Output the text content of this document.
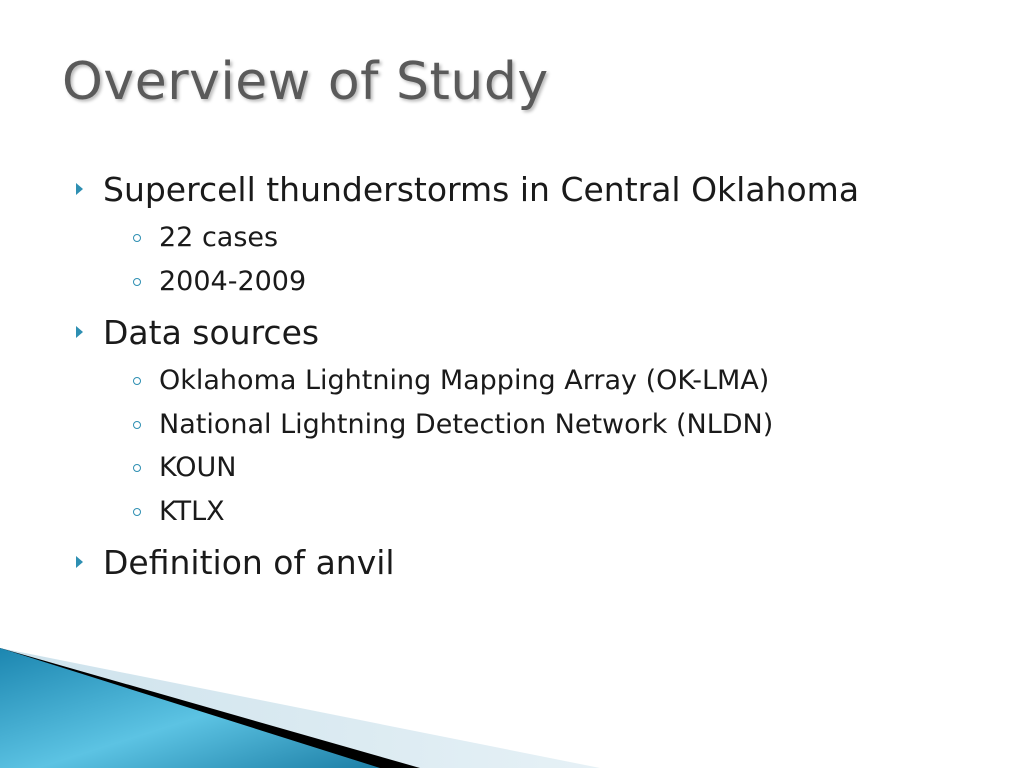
Overview of Study
Supercell thunderstorms in Central Oklahoma
22 cases
2004-2009
Data sources
Oklahoma Lightning Mapping Array (OK-LMA)
National Lightning Detection Network (NLDN)
KOUN
KTLX
Definition of anvil
